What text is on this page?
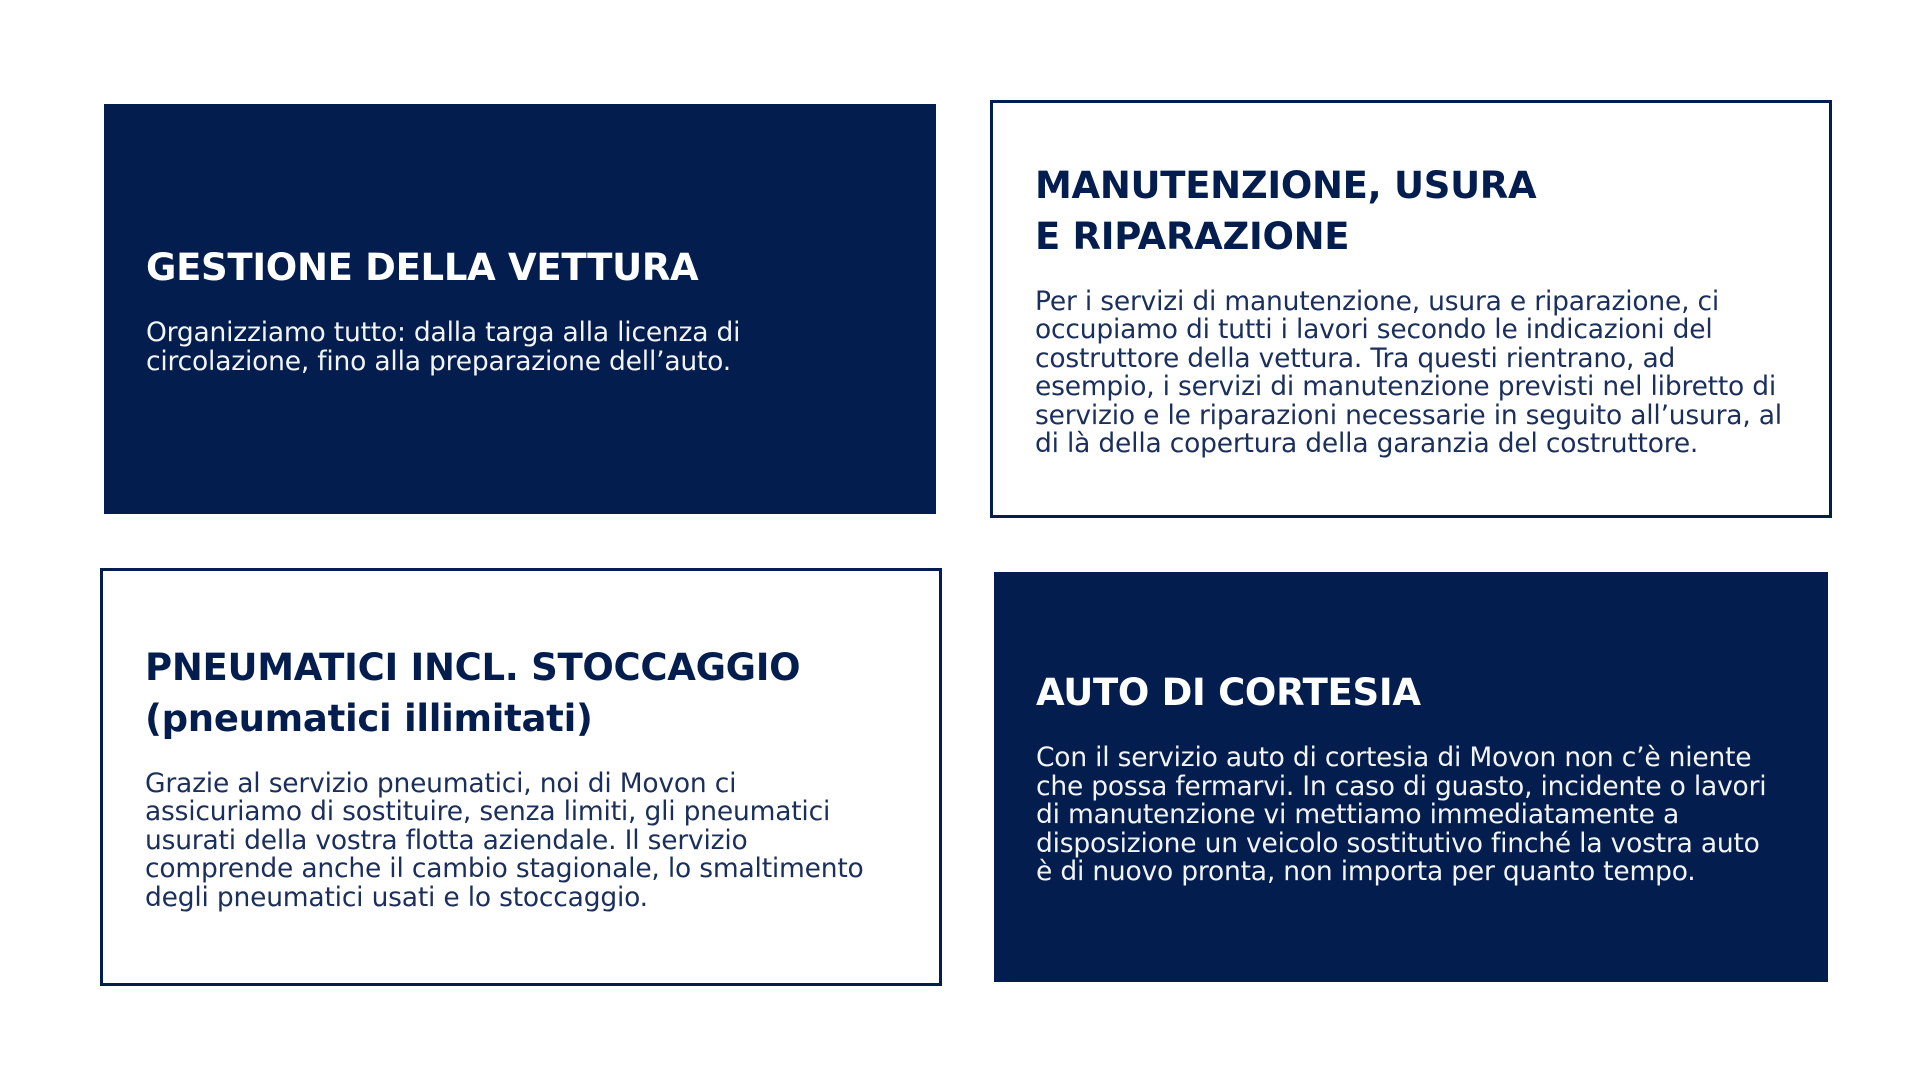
GESTIONE DELLA VETTURA

Organizziamo tutto: dalla targa alla licenza di
circolazione, fino alla preparazione dell’auto.

MANUTENZIONE, USURA
E RIPARAZIONE

Per i servizi di manutenzione, usura e riparazione, ci
occupiamo di tutti i lavori secondo le indicazioni del
costruttore della vettura. Tra questi rientrano, ad
esempio, i servizi di manutenzione previsti nel libretto di
servizio e le riparazioni necessarie in seguito all’usura, al
di là della copertura della garanzia del costruttore.

PNEUMATICI INCL. STOCCAGGIO
(pneumatici illimitati)

Grazie al servizio pneumatici, noi di Movon ci
assicuriamo di sostituire, senza limiti, gli pneumatici
usurati della vostra flotta aziendale. Il servizio
comprende anche il cambio stagionale, lo smaltimento
degli pneumatici usati e lo stoccaggio.

AUTO DI CORTESIA

Con il servizio auto di cortesia di Movon non c’è niente
che possa fermarvi. In caso di guasto, incidente o lavori
di manutenzione vi mettiamo immediatamente a
disposizione un veicolo sostitutivo finché la vostra auto
è di nuovo pronta, non importa per quanto tempo.
